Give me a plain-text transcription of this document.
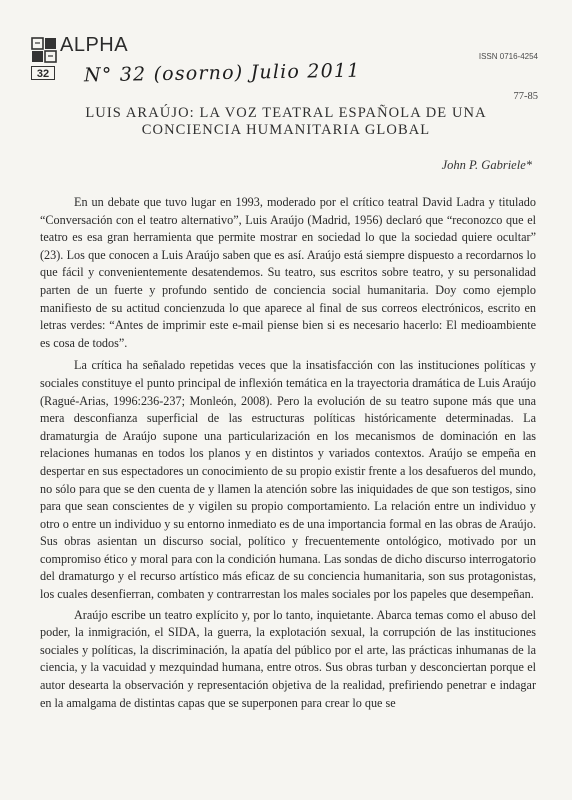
32
ALPHA
ISSN 0716-4254
N° 32 (osorno) Julio 2011
77-85
LUIS ARAÚJO: LA VOZ TEATRAL ESPAÑOLA DE UNA
CONCIENCIA HUMANITARIA GLOBAL
John P. Gabriele*

En un debate que tuvo lugar en 1993, moderado por el crítico teatral David Ladra y titulado “Conversación con el teatro alternativo”, Luis Araújo (Madrid, 1956) declaró que “reconozco que el teatro es esa gran herramienta que permite mostrar en sociedad lo que la sociedad quiere ocultar” (23). Los que conocen a Luis Araújo saben que es así. Araújo está siempre dispuesto a recordarnos lo que fácil y convenientemente desatendemos. Su teatro, sus escritos sobre teatro, y su personalidad parten de un fuerte y profundo sentido de conciencia social humanitaria. Doy como ejemplo manifiesto de su actitud concienzuda lo que aparece al final de sus correos electrónicos, escrito en letras verdes: “Antes de imprimir este e-mail piense bien si es necesario hacerlo: El medioambiente es cosa de todos”.

La crítica ha señalado repetidas veces que la insatisfacción con las instituciones políticas y sociales constituye el punto principal de inflexión temática en la trayectoria dramática de Luis Araújo (Ragué-Arias, 1996:236-237; Monleón, 2008). Pero la evolución de su teatro supone más que una mera desconfianza superficial de las estructuras políticas históricamente determinadas. La dramaturgia de Araújo supone una particularización en los mecanismos de dominación en las relaciones humanas en todos los planos y en distintos y variados contextos. Araújo se empeña en despertar en sus espectadores un conocimiento de su propio existir frente a los desafueros del mundo, no sólo para que se den cuenta de y llamen la atención sobre las iniquidades de que son testigos, sino para que sean conscientes de y vigilen su propio comportamiento. La relación entre un individuo y otro o entre un individuo y su entorno inmediato es de una importancia formal en las obras de Araújo. Sus obras asientan un discurso social, político y frecuentemente ontológico, motivado por un compromiso ético y moral para con la condición humana. Las sondas de dicho discurso interrogatorio del dramaturgo y el recurso artístico más eficaz de su conciencia humanitaria, son sus protagonistas, los cuales desenfierran, combaten y contrarrestan los males sociales por los papeles que desempeñan.

Araújo escribe un teatro explícito y, por lo tanto, inquietante. Abarca temas como el abuso del poder, la inmigración, el SIDA, la guerra, la explotación sexual, la corrupción de las instituciones sociales y políticas, la discriminación, la apatía del público por el arte, las prácticas inhumanas de la ciencia, y la vacuidad y mezquindad humana, entre otros. Sus obras turban y desconciertan porque el autor desearta la observación y representación objetiva de la realidad, prefiriendo penetrar e indagar en la amalgama de distintas capas que se superponen para crear lo que se
